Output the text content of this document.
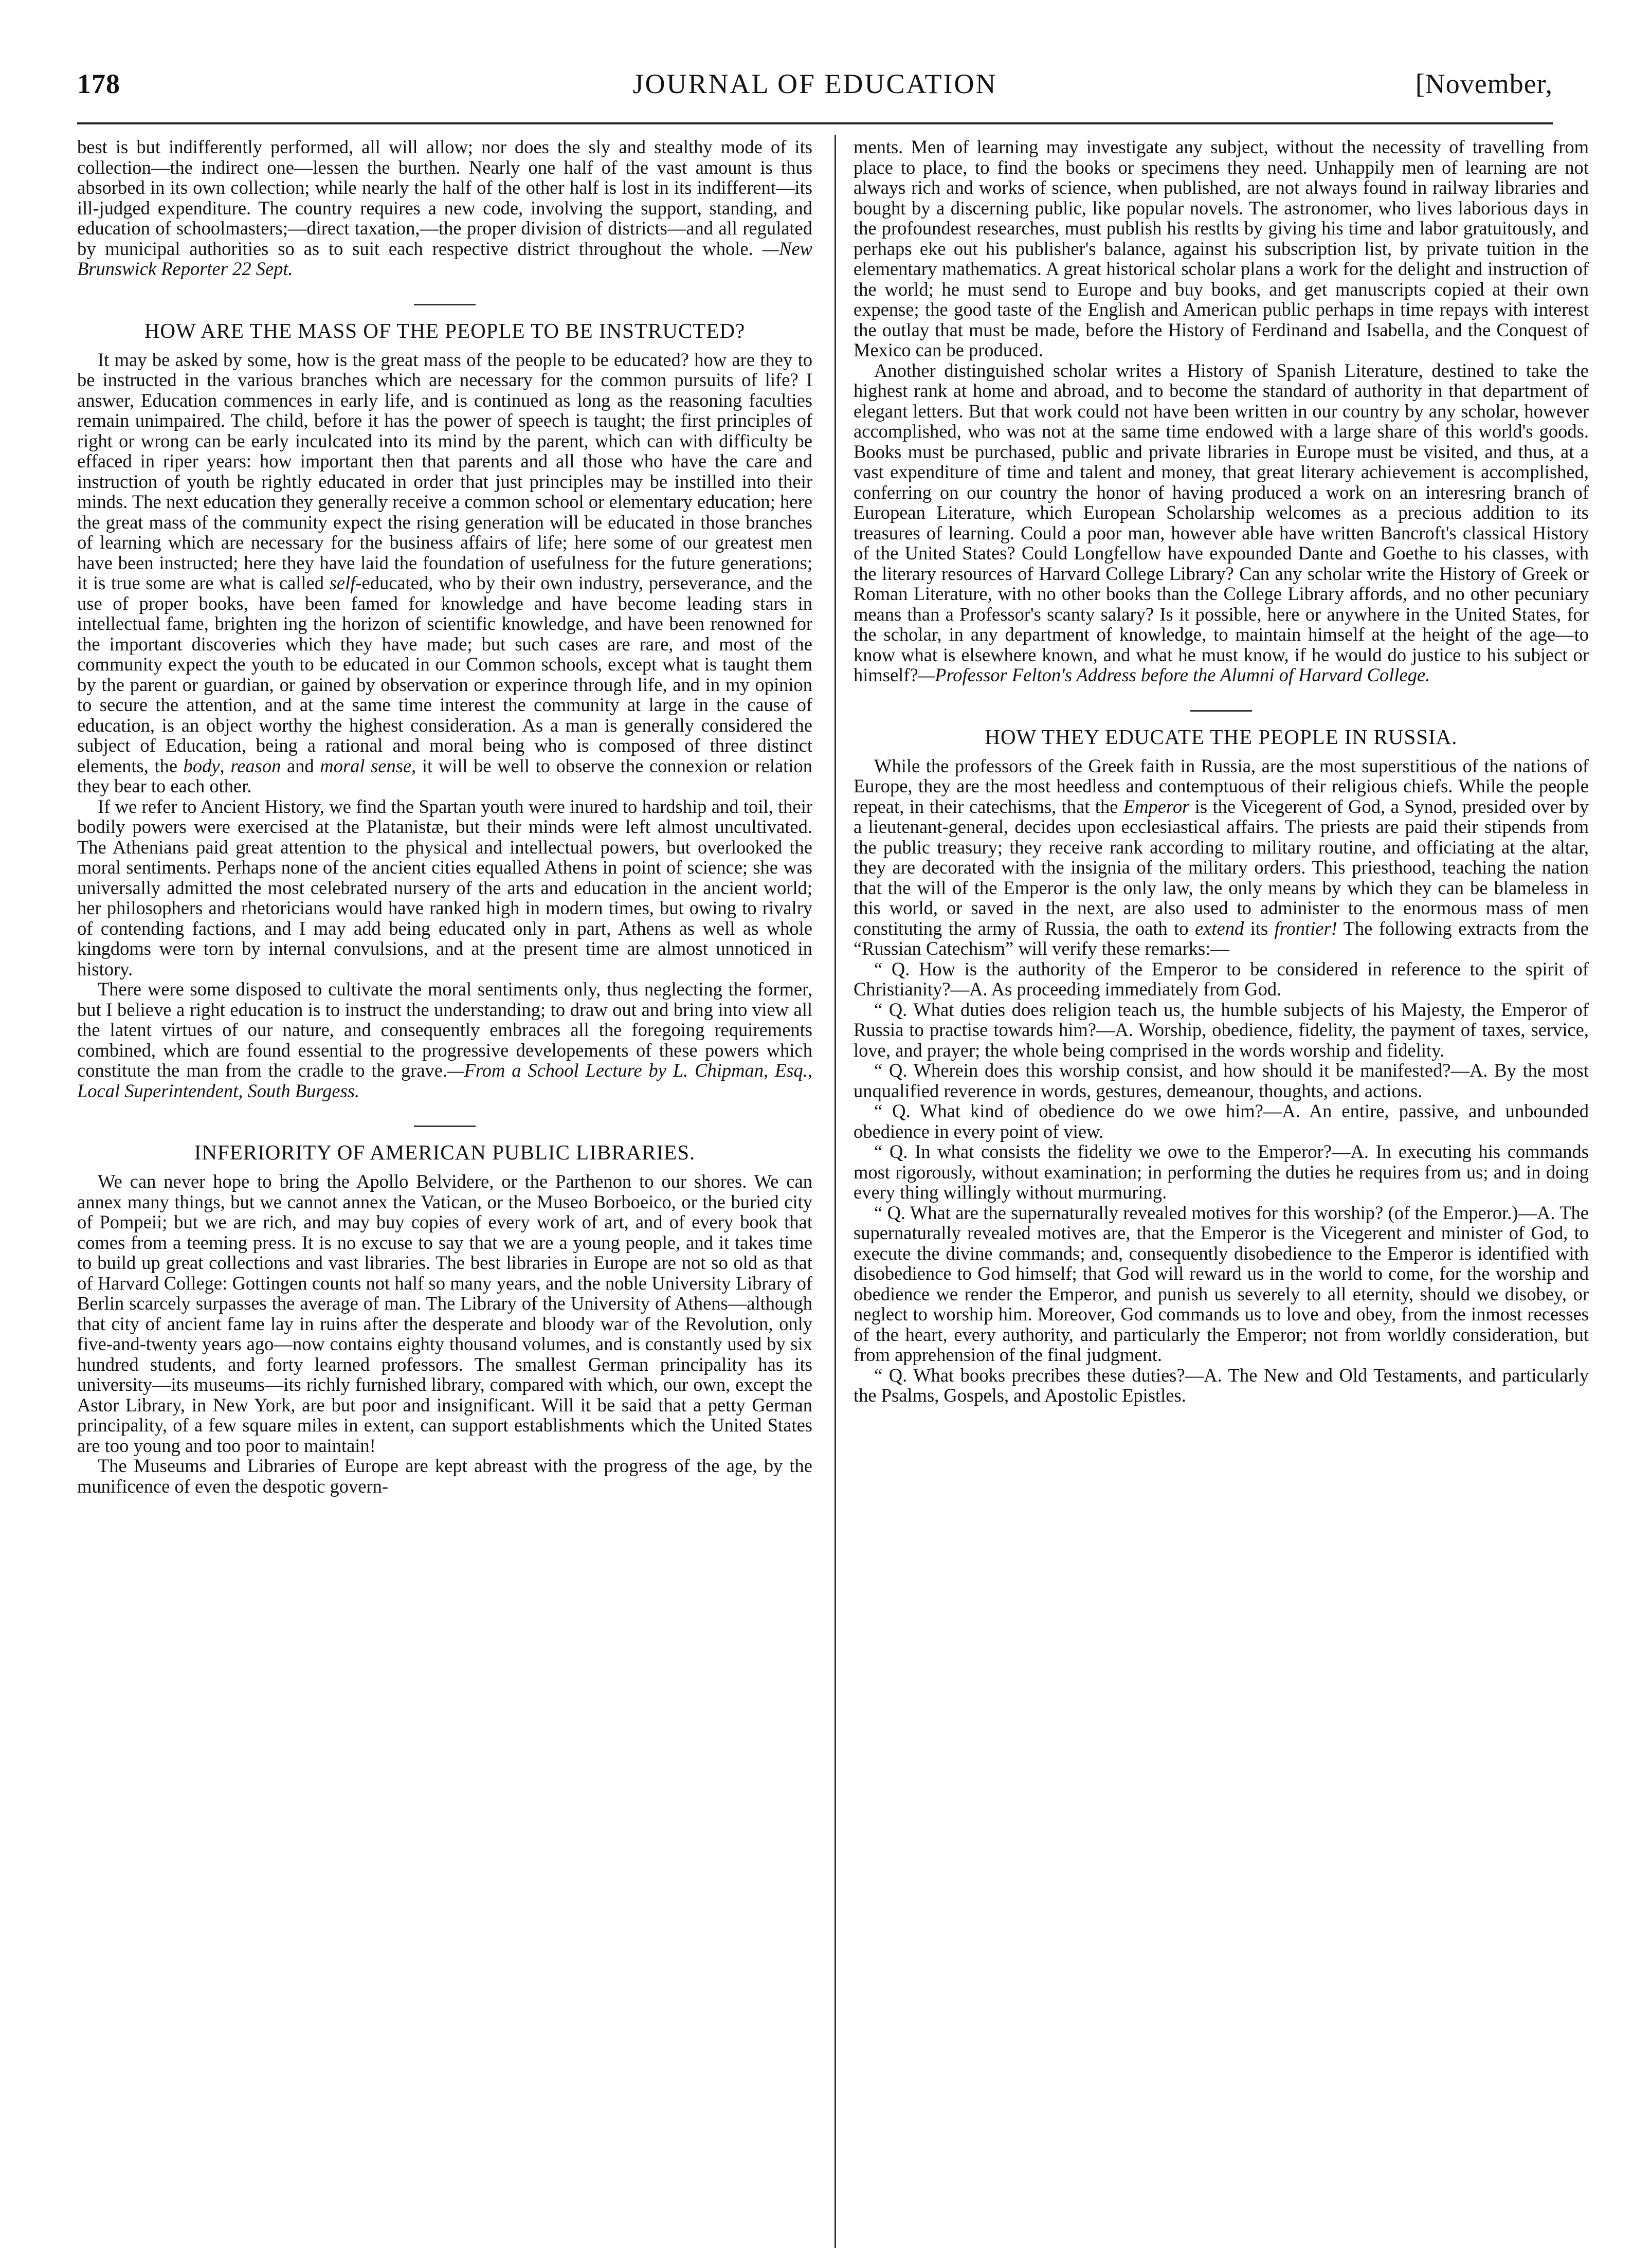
178	JOURNAL OF EDUCATION	[November,

best is but indifferently performed, all will allow; nor does the sly and stealthy mode of its collection—the indirect one—lessen the burthen. Nearly one half of the vast amount is thus absorbed in its own collection; while nearly the half of the other half is lost in its indifferent—its ill-judged expenditure. The country requires a new code, involving the support, standing, and education of schoolmasters;—direct taxation,—the proper division of districts—and all regulated by municipal authorities so as to suit each respective district throughout the whole. —New Brunswick Reporter 22 Sept.

HOW ARE THE MASS OF THE PEOPLE TO BE INSTRUCTED?

It may be asked by some, how is the great mass of the people to be educated? how are they to be instructed in the various branches which are necessary for the common pursuits of life? I answer, Education commences in early life, and is continued as long as the reasoning faculties remain unimpaired. The child, before it has the power of speech is taught; the first principles of right or wrong can be early inculcated into its mind by the parent, which can with difficulty be effaced in riper years: how important then that parents and all those who have the care and instruction of youth be rightly educated in order that just principles may be instilled into their minds. The next education they generally receive a common school or elementary education; here the great mass of the community expect the rising generation will be educated in those branches of learning which are necessary for the business affairs of life; here some of our greatest men have been instructed; here they have laid the foundation of usefulness for the future generations; it is true some are what is called self-educated, who by their own industry, perseverance, and the use of proper books, have been famed for knowledge and have become leading stars in intellectual fame, brighten ing the horizon of scientific knowledge, and have been renowned for the important discoveries which they have made; but such cases are rare, and most of the community expect the youth to be educated in our Common schools, except what is taught them by the parent or guardian, or gained by observation or experince through life, and in my opinion to secure the attention, and at the same time interest the community at large in the cause of education, is an object worthy the highest consideration. As a man is generally considered the subject of Education, being a rational and moral being who is composed of three distinct elements, the body, reason and moral sense, it will be well to observe the connexion or relation they bear to each other.

If we refer to Ancient History, we find the Spartan youth were inured to hardship and toil, their bodily powers were exercised at the Platanistæ, but their minds were left almost uncultivated. The Athenians paid great attention to the physical and intellectual powers, but overlooked the moral sentiments. Perhaps none of the ancient cities equalled Athens in point of science; she was universally admitted the most celebrated nursery of the arts and education in the ancient world; her philosophers and rhetoricians would have ranked high in modern times, but owing to rivalry of contending factions, and I may add being educated only in part, Athens as well as whole kingdoms were torn by internal convulsions, and at the present time are almost unnoticed in history.

There were some disposed to cultivate the moral sentiments only, thus neglecting the former, but I believe a right education is to instruct the understanding; to draw out and bring into view all the latent virtues of our nature, and consequently embraces all the foregoing requirements combined, which are found essential to the progressive developements of these powers which constitute the man from the cradle to the grave.—From a School Lecture by L. Chipman, Esq., Local Superintendent, South Burgess.

INFERIORITY OF AMERICAN PUBLIC LIBRARIES.

We can never hope to bring the Apollo Belvidere, or the Parthenon to our shores. We can annex many things, but we cannot annex the Vatican, or the Museo Borboeico, or the buried city of Pompeii; but we are rich, and may buy copies of every work of art, and of every book that comes from a teeming press. It is no excuse to say that we are a young people, and it takes time to build up great collections and vast libraries. The best libraries in Europe are not so old as that of Harvard College: Gottingen counts not half so many years, and the noble University Library of Berlin scarcely surpasses the average of man. The Library of the University of Athens—although that city of ancient fame lay in ruins after the desperate and bloody war of the Revolution, only five-and-twenty years ago—now contains eighty thousand volumes, and is constantly used by six hundred students, and forty learned professors. The smallest German principality has its university—its museums—its richly furnished library, compared with which, our own, except the Astor Library, in New York, are but poor and insignificant. Will it be said that a petty German principality, of a few square miles in extent, can support establishments which the United States are too young and too poor to maintain!

The Museums and Libraries of Europe are kept abreast with the progress of the age, by the munificence of even the despotic govern-

ments. Men of learning may investigate any subject, without the necessity of travelling from place to place, to find the books or specimens they need. Unhappily men of learning are not always rich and works of science, when published, are not always found in railway libraries and bought by a discerning public, like popular novels. The astronomer, who lives laborious days in the profoundest researches, must publish his restlts by giving his time and labor gratuitously, and perhaps eke out his publisher's balance, against his subscription list, by private tuition in the elementary mathematics. A great historical scholar plans a work for the delight and instruction of the world; he must send to Europe and buy books, and get manuscripts copied at their own expense; the good taste of the English and American public perhaps in time repays with interest the outlay that must be made, before the History of Ferdinand and Isabella, and the Conquest of Mexico can be produced.

Another distinguished scholar writes a History of Spanish Literature, destined to take the highest rank at home and abroad, and to become the standard of authority in that department of elegant letters. But that work could not have been written in our country by any scholar, however accomplished, who was not at the same time endowed with a large share of this world's goods. Books must be purchased, public and private libraries in Europe must be visited, and thus, at a vast expenditure of time and talent and money, that great literary achievement is accomplished, conferring on our country the honor of having produced a work on an interesring branch of European Literature, which European Scholarship welcomes as a precious addition to its treasures of learning. Could a poor man, however able have written Bancroft's classical History of the United States? Could Longfellow have expounded Dante and Goethe to his classes, with the literary resources of Harvard College Library? Can any scholar write the History of Greek or Roman Literature, with no other books than the College Library affords, and no other pecuniary means than a Professor's scanty salary? Is it possible, here or anywhere in the United States, for the scholar, in any department of knowledge, to maintain himself at the height of the age—to know what is elsewhere known, and what he must know, if he would do justice to his subject or himself?—Professor Felton's Address before the Alumni of Harvard College.

HOW THEY EDUCATE THE PEOPLE IN RUSSIA.

While the professors of the Greek faith in Russia, are the most superstitious of the nations of Europe, they are the most heedless and contemptuous of their religious chiefs. While the people repeat, in their catechisms, that the Emperor is the Vicegerent of God, a Synod, presided over by a lieutenant-general, decides upon ecclesiastical affairs. The priests are paid their stipends from the public treasury; they receive rank according to military routine, and officiating at the altar, they are decorated with the insignia of the military orders. This priesthood, teaching the nation that the will of the Emperor is the only law, the only means by which they can be blameless in this world, or saved in the next, are also used to administer to the enormous mass of men constituting the army of Russia, the oath to extend its frontier! The following extracts from the “Russian Catechism” will verify these remarks:—

“ Q. How is the authority of the Emperor to be considered in reference to the spirit of Christianity?—A. As proceeding immediately from God.

“ Q. What duties does religion teach us, the humble subjects of his Majesty, the Emperor of Russia to practise towards him?—A. Worship, obedience, fidelity, the payment of taxes, service, love, and prayer; the whole being comprised in the words worship and fidelity.

“ Q. Wherein does this worship consist, and how should it be manifested?—A. By the most unqualified reverence in words, gestures, demeanour, thoughts, and actions.

“ Q. What kind of obedience do we owe him?—A. An entire, passive, and unbounded obedience in every point of view.

“ Q. In what consists the fidelity we owe to the Emperor?—A. In executing his commands most rigorously, without examination; in performing the duties he requires from us; and in doing every thing willingly without murmuring.

“ Q. What are the supernaturally revealed motives for this worship? (of the Emperor.)—A. The supernaturally revealed motives are, that the Emperor is the Vicegerent and minister of God, to execute the divine commands; and, consequently disobedience to the Emperor is identified with disobedience to God himself; that God will reward us in the world to come, for the worship and obedience we render the Emperor, and punish us severely to all eternity, should we disobey, or neglect to worship him. Moreover, God commands us to love and obey, from the inmost recesses of the heart, every authority, and particularly the Emperor; not from worldly consideration, but from apprehension of the final judgment.

“ Q. What books precribes these duties?—A. The New and Old Testaments, and particularly the Psalms, Gospels, and Apostolic Epistles.
